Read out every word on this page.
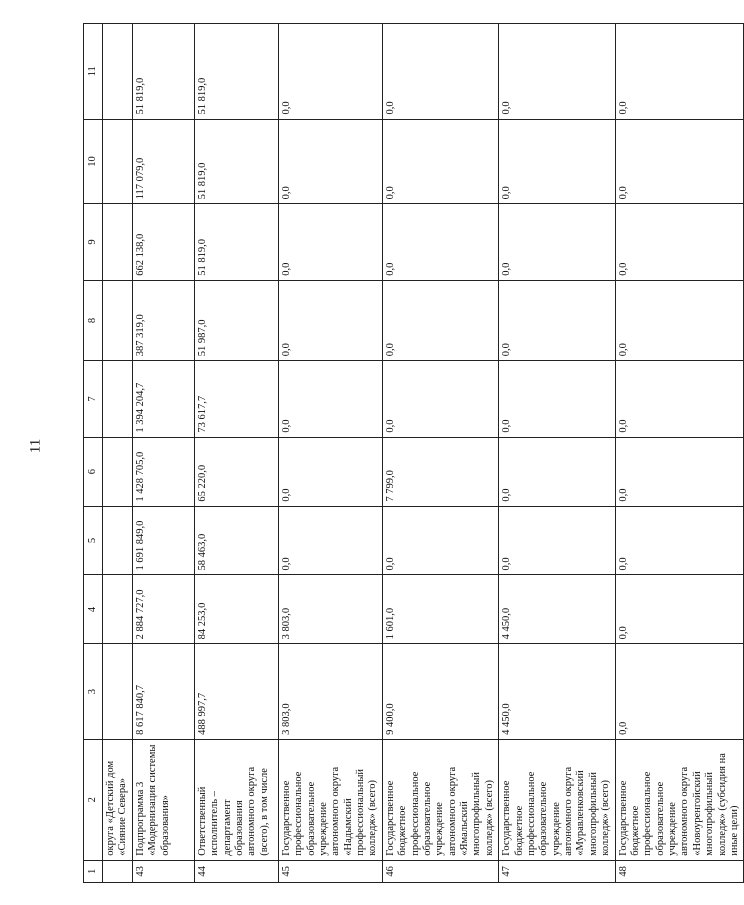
11
1	2	3	4	5	6	7	8	9	10	11
	округа «Детский дом «Сияние Севера»									
43	Подпрограмма 3 «Модернизация системы образования»	8 617 840,7	2 884 727,0	1 691 849,0	1 428 705,0	1 394 204,7	387 319,0	662 138,0	117 079,0	51 819,0
44	Ответственный исполнитель – департамент образования автономного округа (всего), в том числе	488 997,7	84 253,0	58 463,0	65 220,0	73 617,7	51 987,0	51 819,0	51 819,0	51 819,0
45	Государственное профессиональное образовательное учреждение автономного округа «Надымский профессиональный колледж» (всего)	3 803,0	3 803,0	0,0	0,0	0,0	0,0	0,0	0,0	0,0
46	Государственное бюджетное профессиональное образовательное учреждение автономного округа «Ямальский многопрофильный колледж» (всего)	9 400,0	1 601,0	0,0	7 799,0	0,0	0,0	0,0	0,0	0,0
47	Государственное бюджетное профессиональное образовательное учреждение автономного округа «Муравленковский многопрофильный колледж» (всего)	4 450,0	4 450,0	0,0	0,0	0,0	0,0	0,0	0,0	0,0
48	Государственное бюджетное профессиональное образовательное учреждение автономного округа «Новоуренгойский многопрофильный колледж» (субсидия на иные цели)	0,0	0,0	0,0	0,0	0,0	0,0	0,0	0,0	0,0
